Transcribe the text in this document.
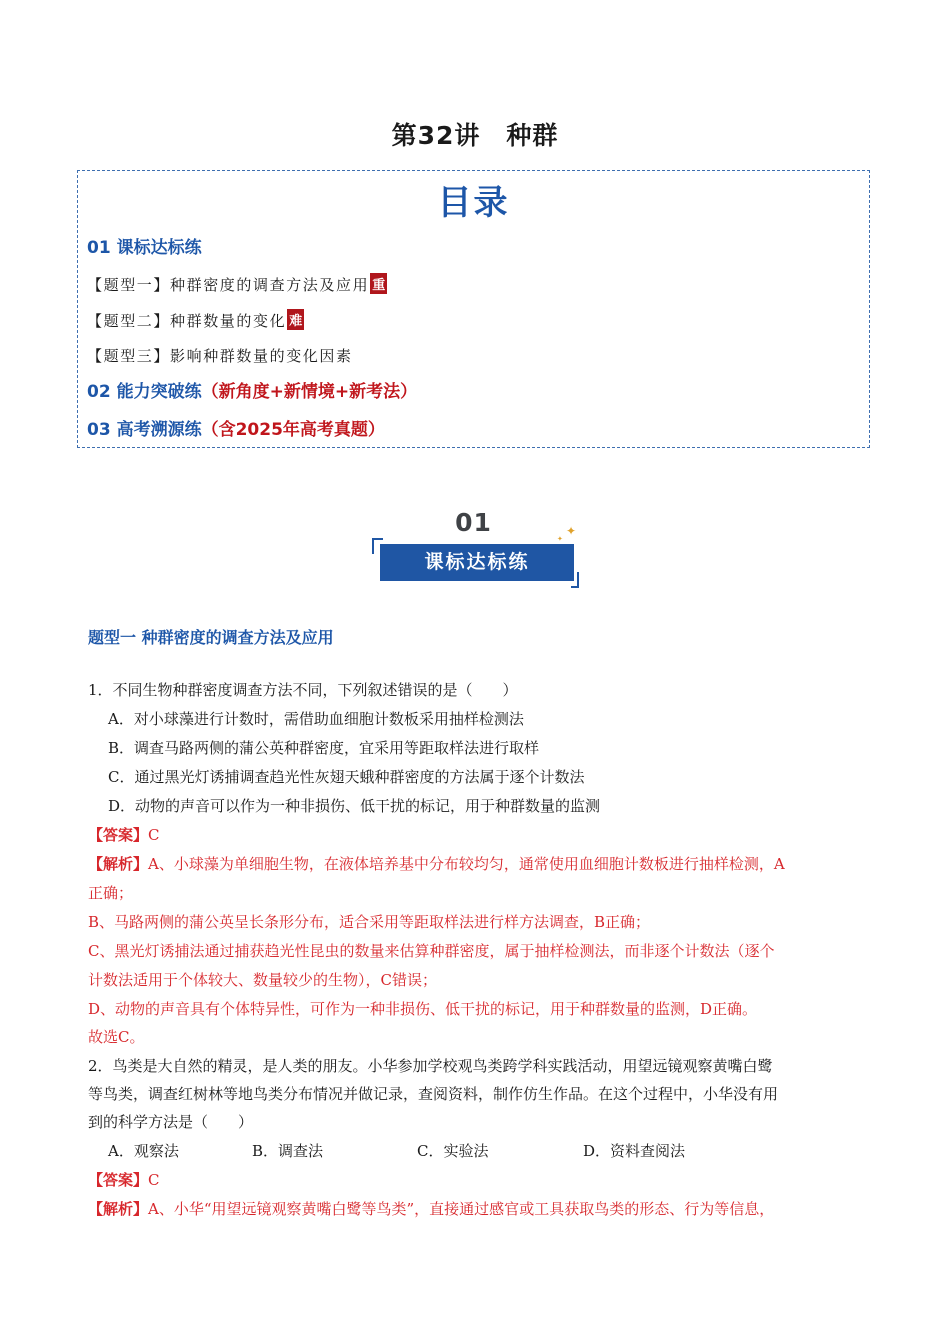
第32讲　种群
目录
01 课标达标练
【题型一】种群密度的调查方法及应用 重
【题型二】种群数量的变化 难
【题型三】影响种群数量的变化因素
02 能力突破练（新角度+新情境+新考法）
03 高考溯源练（含2025年高考真题）
01
课标达标练
✦
✦
题型一 种群密度的调查方法及应用
1．不同生物种群密度调查方法不同，下列叙述错误的是（　　）
A．对小球藻进行计数时，需借助血细胞计数板采用抽样检测法
B．调查马路两侧的蒲公英种群密度，宜采用等距取样法进行取样
C．通过黑光灯诱捕调查趋光性灰翅天蛾种群密度的方法属于逐个计数法
D．动物的声音可以作为一种非损伤、低干扰的标记，用于种群数量的监测
【答案】C
【解析】A、小球藻为单细胞生物，在液体培养基中分布较均匀，通常使用血细胞计数板进行抽样检测，A
正确；
B、马路两侧的蒲公英呈长条形分布，适合采用等距取样法进行样方法调查，B正确；
C、黑光灯诱捕法通过捕获趋光性昆虫的数量来估算种群密度，属于抽样检测法，而非逐个计数法（逐个
计数法适用于个体较大、数量较少的生物），C错误；
D、动物的声音具有个体特异性，可作为一种非损伤、低干扰的标记，用于种群数量的监测，D正确。
故选C。
2．鸟类是大自然的精灵，是人类的朋友。小华参加学校观鸟类跨学科实践活动，用望远镜观察黄嘴白鹭
等鸟类，调查红树林等地鸟类分布情况并做记录，查阅资料，制作仿生作品。在这个过程中，小华没有用
到的科学方法是（　　）
A．观察法	B．调查法	C．实验法	D．资料查阅法
【答案】C
【解析】A、小华“用望远镜观察黄嘴白鹭等鸟类”，直接通过感官或工具获取鸟类的形态、行为等信息，
